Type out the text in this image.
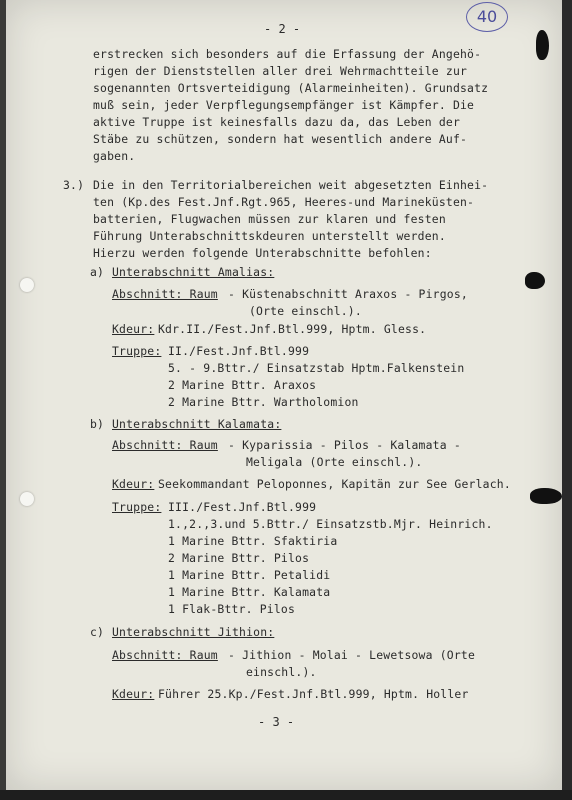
- 2 -
40
erstrecken sich besonders auf die Erfassung der Angehö-
rigen der Dienststellen aller drei Wehrmachtteile zur
sogenannten Ortsverteidigung (Alarmeinheiten). Grundsatz
muß sein, jeder Verpflegungsempfänger ist Kämpfer. Die
aktive Truppe ist keinesfalls dazu da, das Leben der
Stäbe zu schützen, sondern hat wesentlich andere Auf-
gaben.
3.) Die in den Territorialbereichen weit abgesetzten Einhei-
ten (Kp.des Fest.Jnf.Rgt.965, Heeres-und Marineküsten-
batterien, Flugwachen müssen zur klaren und festen
Führung Unterabschnittskdeuren unterstellt werden.
Hierzu werden folgende Unterabschnitte befohlen:
a) Unterabschnitt Amalias:
Abschnitt: Raum - Küstenabschnitt Araxos - Pirgos,
(Orte einschl.).
Kdeur: Kdr.II./Fest.Jnf.Btl.999, Hptm. Gless.
Truppe: II./Fest.Jnf.Btl.999
5. - 9.Bttr./ Einsatzstab Hptm.Falkenstein
2 Marine Bttr. Araxos
2 Marine Bttr. Wartholomion
b) Unterabschnitt Kalamata:
Abschnitt: Raum - Kyparissia - Pilos - Kalamata -
Meligala (Orte einschl.).
Kdeur: Seekommandant Peloponnes, Kapitän zur See Gerlach.
Truppe: III./Fest.Jnf.Btl.999
1.,2.,3.und 5.Bttr./ Einsatzstb.Mjr. Heinrich.
1 Marine Bttr. Sfaktiria
2 Marine Bttr. Pilos
1 Marine Bttr. Petalidi
1 Marine Bttr. Kalamata
1 Flak-Bttr. Pilos
c) Unterabschnitt Jithion:
Abschnitt: Raum - Jithion - Molai - Lewetsowa (Orte
einschl.).
Kdeur: Führer 25.Kp./Fest.Jnf.Btl.999, Hptm. Holler
- 3 -
